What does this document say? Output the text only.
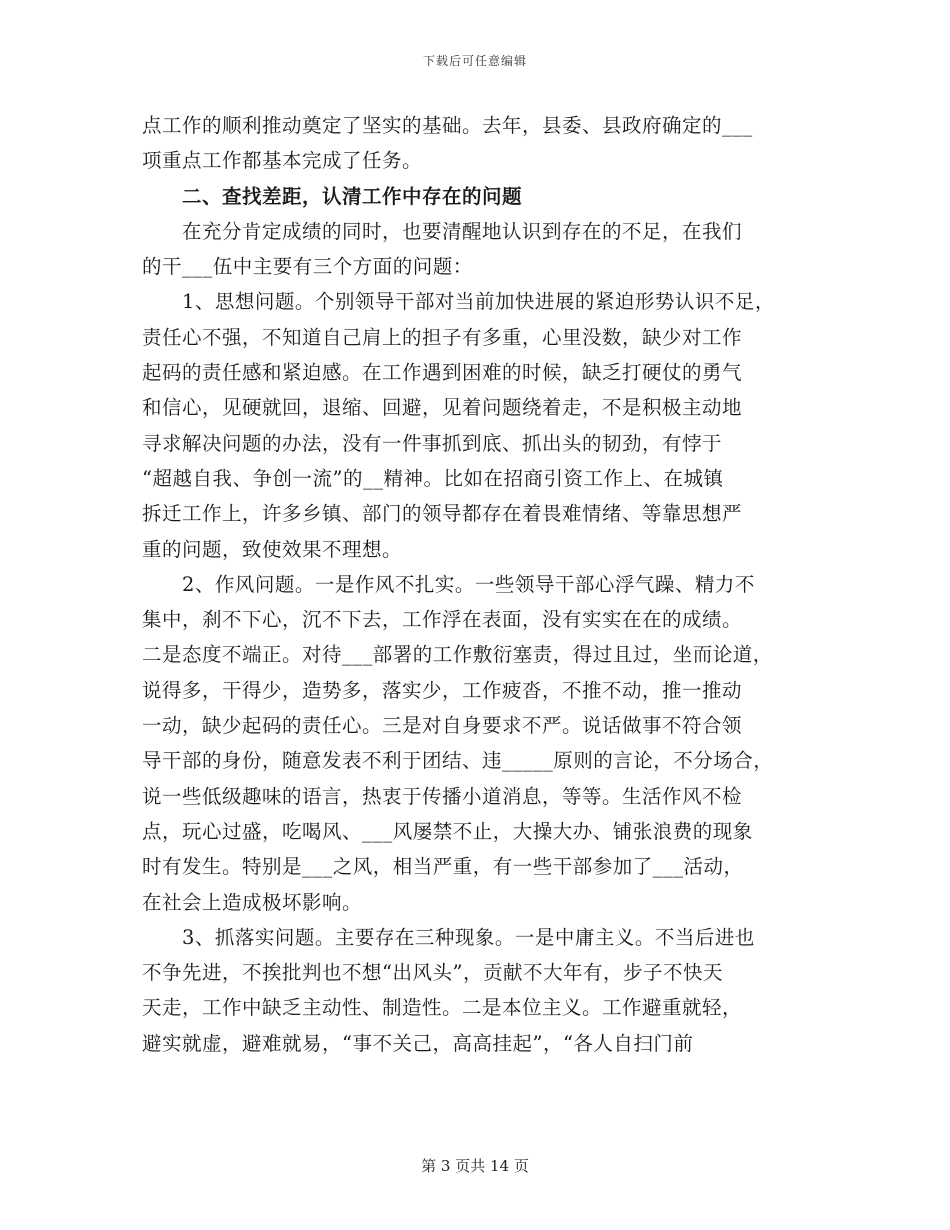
下载后可任意编辑
点工作的顺利推动奠定了坚实的基础。去年，县委、县政府确定的___
项重点工作都基本完成了任务。
二、查找差距，认清工作中存在的问题
在充分肯定成绩的同时，也要清醒地认识到存在的不足，在我们
的干___伍中主要有三个方面的问题：
1、思想问题。个别领导干部对当前加快进展的紧迫形势认识不足，
责任心不强，不知道自己肩上的担子有多重，心里没数，缺少对工作
起码的责任感和紧迫感。在工作遇到困难的时候，缺乏打硬仗的勇气
和信心，见硬就回，退缩、回避，见着问题绕着走，不是积极主动地
寻求解决问题的办法，没有一件事抓到底、抓出头的韧劲，有悖于
“超越自我、争创一流”的__精神。比如在招商引资工作上、在城镇
拆迁工作上，许多乡镇、部门的领导都存在着畏难情绪、等靠思想严
重的问题，致使效果不理想。
2、作风问题。一是作风不扎实。一些领导干部心浮气躁、精力不
集中，刹不下心，沉不下去，工作浮在表面，没有实实在在的成绩。
二是态度不端正。对待___部署的工作敷衍塞责，得过且过，坐而论道，
说得多，干得少，造势多，落实少，工作疲沓，不推不动，推一推动
一动，缺少起码的责任心。三是对自身要求不严。说话做事不符合领
导干部的身份，随意发表不利于团结、违_____原则的言论，不分场合，
说一些低级趣味的语言，热衷于传播小道消息，等等。生活作风不检
点，玩心过盛，吃喝风、___风屡禁不止，大操大办、铺张浪费的现象
时有发生。特别是___之风，相当严重，有一些干部参加了___活动，
在社会上造成极坏影响。
3、抓落实问题。主要存在三种现象。一是中庸主义。不当后进也
不争先进，不挨批判也不想“出风头”，贡献不大年有，步子不快天
天走，工作中缺乏主动性、制造性。二是本位主义。工作避重就轻，
避实就虚，避难就易，“事不关己，高高挂起”，“各人自扫门前
第 3 页共 14 页
